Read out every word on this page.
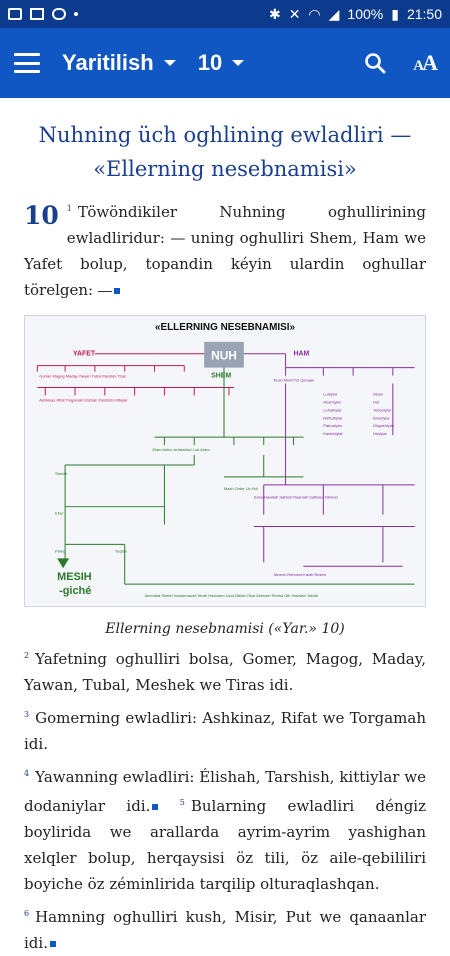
✱ ✕ ◠ ◢ 100% ▮ 21:50
Yaritilish 10	AA
Nuhning üch oghlining ewladliri — «Ellerning nesebnamisi»

10 $^1$ Töwöndikiler Nuhning oghullirining ewladliridur: — uning oghulliri Shem, Ham we Yafet bolup, topandin kéyin ulardin oghullar törelgen:

«ELLERNING NESEBNAMISI»
NUH
SHEM
YAFET	HAM
Gomer Magog Maday Yawan Tubal Meshek Tiras
Ashkinaz Rifat Torgamah Elishah Tarshish Kittiylar
Kush Misir Put Qanaan
Ludiylar
Anamiylar
Lehabiylar
Naftuhiylar
Patrusiylar
Kasluhiylar
Sidon
Het
Yebusiylar
Amoriylar
Girgashiylar
Hiwiylar
Seba Hawilah Sabtah Raamah Sabteka Nimrod
Nineve Rehobot Kalah Resen
Elam Ashur Arfakshad Lud Aram
Mash Geter Uz Hul
Shelah
Eber
Peleg	Yoqtan
Almodad Shelef Hazarmawet Yerah Hadoram Uzal Diklah Obal Abimael Sheba Ofir Hawilah Yobab
MESIH
-giché
Ellerning nesebnamisi («Yar.» 10)

$^2$ Yafetning oghulliri bolsa, Gomer, Magog, Maday, Yawan, Tubal, Meshek we Tiras idi.

$^3$ Gomerning ewladliri: Ashkinaz, Rifat we Torgamah idi.

$^4$ Yawanning ewladliri: Élishah, Tarshish, kittiylar we dodaniylar idi.	$^5$ Bularning ewladliri déngiz boylirida we arallarda ayrim-ayrim yashighan xelqler bolup, herqaysisi öz tili, öz aile-qebililiri boyiche öz zéminlirida tarqilip olturaqlashqan.

$^6$ Hamning oghulliri kush, Misir, Put we qanaanlar idi.
